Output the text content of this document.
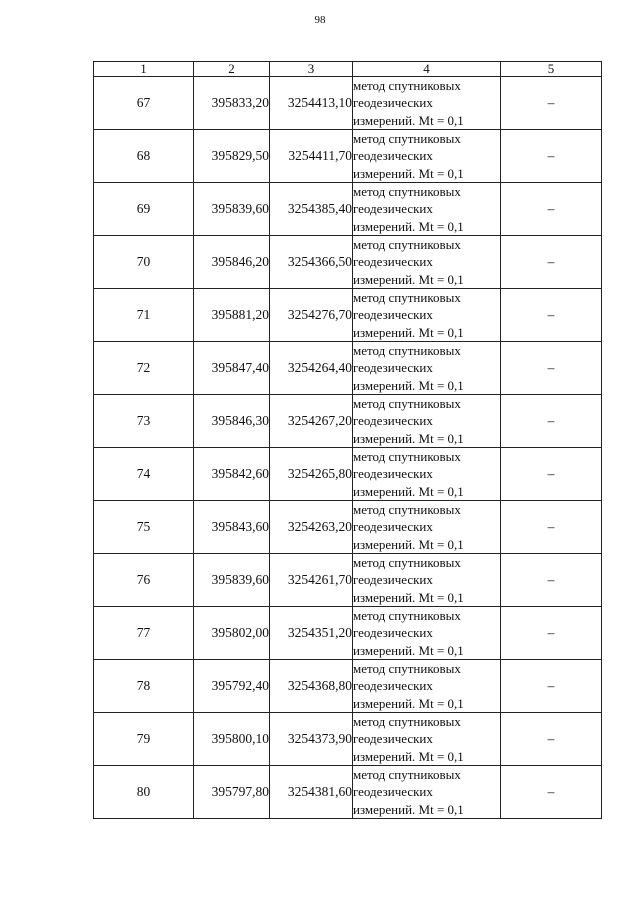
98
1	2	3	4	5
67	395833,20	3254413,10	метод спутниковых
геодезических
измерений. Mt = 0,1	–
68	395829,50	3254411,70	метод спутниковых
геодезических
измерений. Mt = 0,1	–
69	395839,60	3254385,40	метод спутниковых
геодезических
измерений. Mt = 0,1	–
70	395846,20	3254366,50	метод спутниковых
геодезических
измерений. Mt = 0,1	–
71	395881,20	3254276,70	метод спутниковых
геодезических
измерений. Mt = 0,1	–
72	395847,40	3254264,40	метод спутниковых
геодезических
измерений. Mt = 0,1	–
73	395846,30	3254267,20	метод спутниковых
геодезических
измерений. Mt = 0,1	–
74	395842,60	3254265,80	метод спутниковых
геодезических
измерений. Mt = 0,1	–
75	395843,60	3254263,20	метод спутниковых
геодезических
измерений. Mt = 0,1	–
76	395839,60	3254261,70	метод спутниковых
геодезических
измерений. Mt = 0,1	–
77	395802,00	3254351,20	метод спутниковых
геодезических
измерений. Mt = 0,1	–
78	395792,40	3254368,80	метод спутниковых
геодезических
измерений. Mt = 0,1	–
79	395800,10	3254373,90	метод спутниковых
геодезических
измерений. Mt = 0,1	–
80	395797,80	3254381,60	метод спутниковых
геодезических
измерений. Mt = 0,1	–
